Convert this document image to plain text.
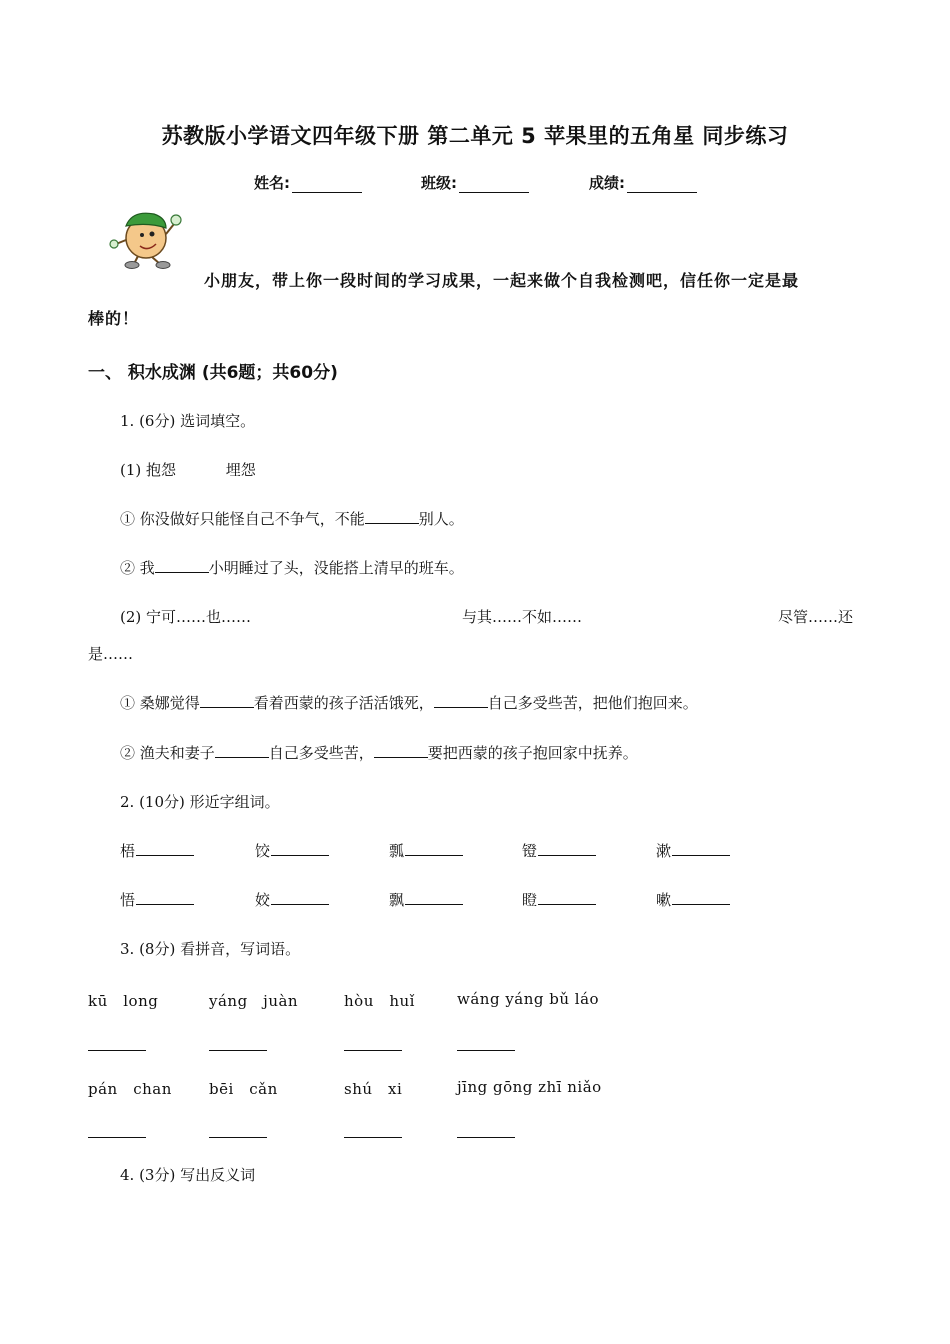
苏教版小学语文四年级下册 第二单元 5 苹果里的五角星 同步练习
姓名:	班级:	成绩:
小朋友，带上你一段时间的学习成果，一起来做个自我检测吧，信任你一定是最
棒的！
一、 积水成渊 (共6题；共60分)
1. (6分) 选词填空。
(1) 抱怨　　　 埋怨
① 你没做好只能怪自己不争气，不能	别人。
② 我	小明睡过了头，没能搭上清早的班车。
(2) 宁可……也……	与其……不如……	尽管……还
是……
① 桑娜觉得	看着西蒙的孩子活活饿死，	自己多受些苦，把他们抱回来。
② 渔夫和妻子	自己多受些苦，	要把西蒙的孩子抱回家中抚养。
2. (10分) 形近字组词。
梧	饺	瓢	镫	漱
悟	姣	飘	瞪	嗽
3. (8分) 看拼音，写词语。
kū　long	yáng　juàn	hòu　huǐ	wáng yáng bǔ láo
pán　chan bēi　cǎn	shú　xi	jīng gōng zhī niǎo
4. (3分) 写出反义词
